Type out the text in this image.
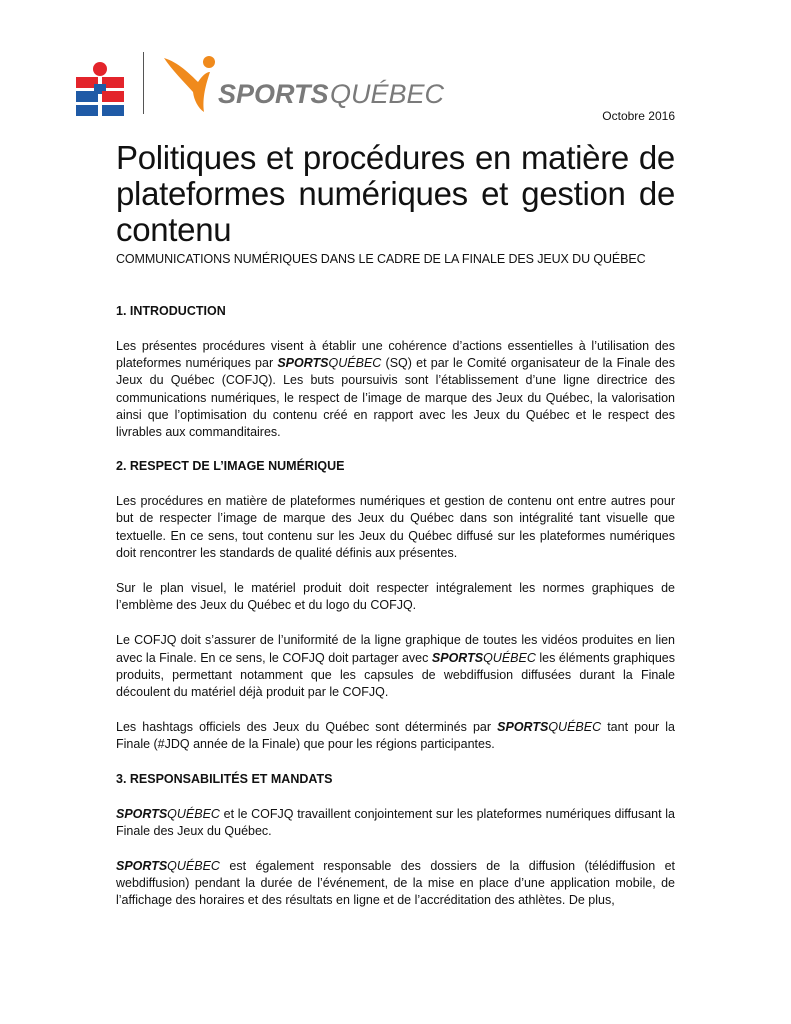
SPORTS QUÉBEC
Octobre 2016
Politiques et procédures en matière de plateformes numériques et gestion de contenu
COMMUNICATIONS NUMÉRIQUES DANS LE CADRE DE LA FINALE DES JEUX DU QUÉBEC
1. INTRODUCTION

Les présentes procédures visent à établir une cohérence d’actions essentielles à l’utilisation des plateformes numériques par SPORTSQUÉBEC (SQ) et par le Comité organisateur de la Finale des Jeux du Québec (COFJQ). Les buts poursuivis sont l’établissement d’une ligne directrice des communications numériques, le respect de l’image de marque des Jeux du Québec, la valorisation ainsi que l’optimisation du contenu créé en rapport avec les Jeux du Québec et le respect des livrables aux commanditaires.

2. RESPECT DE L’IMAGE NUMÉRIQUE

Les procédures en matière de plateformes numériques et gestion de contenu ont entre autres pour but de respecter l’image de marque des Jeux du Québec dans son intégralité tant visuelle que textuelle. En ce sens, tout contenu sur les Jeux du Québec diffusé sur les plateformes numériques doit rencontrer les standards de qualité définis aux présentes.

Sur le plan visuel, le matériel produit doit respecter intégralement les normes graphiques de l’emblème des Jeux du Québec et du logo du COFJQ.

Le COFJQ doit s’assurer de l’uniformité de la ligne graphique de toutes les vidéos produites en lien avec la Finale. En ce sens, le COFJQ doit partager avec SPORTSQUÉBEC les éléments graphiques produits, permettant notamment que les capsules de webdiffusion diffusées durant la Finale découlent du matériel déjà produit par le COFJQ.

Les hashtags officiels des Jeux du Québec sont déterminés par SPORTSQUÉBEC tant pour la Finale (#JDQ année de la Finale) que pour les régions participantes.

3. RESPONSABILITÉS ET MANDATS

SPORTSQUÉBEC et le COFJQ travaillent conjointement sur les plateformes numériques diffusant la Finale des Jeux du Québec.

SPORTSQUÉBEC est également responsable des dossiers de la diffusion (télédiffusion et webdiffusion) pendant la durée de l’événement, de la mise en place d’une application mobile, de l’affichage des horaires et des résultats en ligne et de l’accréditation des athlètes. De plus,
